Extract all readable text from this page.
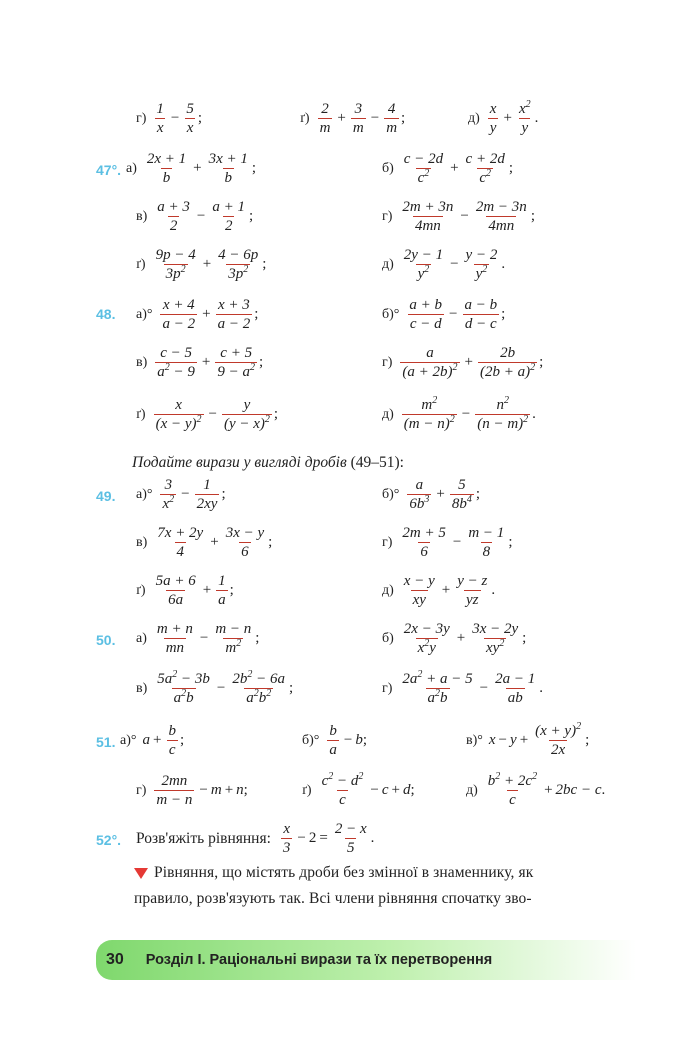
$г) \frac{1}{x} - \frac{5}{x}$ ;	$ґ) \frac{2}{m} + \frac{3}{m} - \frac{4}{m}$ ;	$д) \frac{x}{y} + \frac{x^2}{y}$ .
47°. $а) \frac{2x + 1}{b} + \frac{3x + 1}{b}$ ;	$б) \frac{c - 2d}{c^2} + \frac{c + 2d}{c^2}$ ;
$в) \frac{a + 3}{2} - \frac{a + 1}{2}$ ;	$г) \frac{2m + 3n}{4mn} - \frac{2m - 3n}{4mn}$ ;
$ґ) \frac{9p - 4}{3p^2} + \frac{4 - 6p}{3p^2}$ ;	$д) \frac{2y - 1}{y^2} - \frac{y - 2}{y^2}$ .
48. $а)^\circ \frac{x + 4}{a - 2} + \frac{x + 3}{a - 2}$ ;	$б)^\circ \frac{a + b}{c - d} - \frac{a - b}{d - c}$ ;
$в) \frac{c - 5}{a^2 - 9} + \frac{c + 5}{9 - a^2}$ ;	$г) \frac{a}{(a + 2b)^2} + \frac{2b}{(2b + a)^2}$ ;
$ґ) \frac{x}{(x - y)^2} - \frac{y}{(y - x)^2}$ ;	$д) \frac{m^2}{(m - n)^2} - \frac{n^2}{(n - m)^2}$ .
Подайте вирази у вигляді дробів (49–51):
49. $а)^\circ \frac{3}{x^2} - \frac{1}{2xy}$ ;	$б)^\circ \frac{a}{6b^3} + \frac{5}{8b^4}$ ;
$в) \frac{7x + 2y}{4} + \frac{3x - y}{6}$ ;	$г) \frac{2m + 5}{6} - \frac{m - 1}{8}$ ;
$ґ) \frac{5a + 6}{6a} + \frac{1}{a}$ ;	$д) \frac{x - y}{xy} + \frac{y - z}{yz}$ .
50. $а) \frac{m + n}{mn} - \frac{m - n}{m^2}$ ;	$б) \frac{2x - 3y}{x^2y} + \frac{3x - 2y}{xy^2}$ ;
$в) \frac{5a^2 - 3b}{a^2b} - \frac{2b^2 - 6a}{a^2b^2}$ ;	$г) \frac{2a^2 + a - 5}{a^2b} - \frac{2a - 1}{ab}$ .
51. а)° $a + \frac{b}{c}$ ;	$б)^\circ \frac{b}{a} - b$ ;	в)° $x - y + \frac{(x + y)^2}{2x}$ ;
$г) \frac{2mn}{m - n} - m + n$ ;	$ґ) \frac{c^2 - d^2}{c} - c + d$ ;	$д) \frac{b^2 + 2c^2}{c} + 2bc - c$ .
52°. Розв'яжіть рівняння: $\frac{x}{3} - 2 = \frac{2 - x}{5}$ .
Рівняння, що містять дроби без змінної в знаменнику, як
правило, розв'язують так. Всі члени рівняння спочатку зво-
30 Розділ І. Раціональні вирази та їх перетворення
